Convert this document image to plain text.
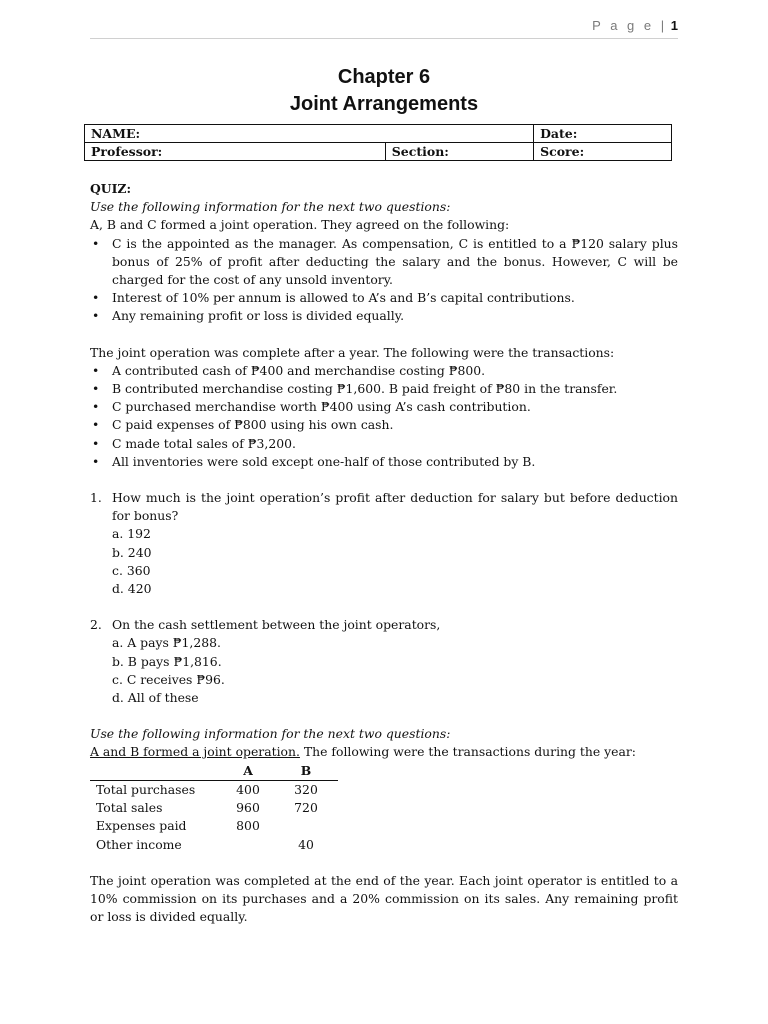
P a g e | 1
Chapter 6
Joint Arrangements
NAME:		Date:
Professor:	Section:	Score:
QUIZ:
Use the following information for the next two questions:
A, B and C formed a joint operation. They agreed on the following:
• C is the appointed as the manager. As compensation, C is entitled to a ₱120 salary plus bonus of 25% of profit after deducting the salary and the bonus. However, C will be charged for the cost of any unsold inventory.
• Interest of 10% per annum is allowed to A’s and B’s capital contributions.
• Any remaining profit or loss is divided equally.
The joint operation was complete after a year. The following were the transactions:
• A contributed cash of ₱400 and merchandise costing ₱800.
• B contributed merchandise costing ₱1,600. B paid freight of ₱80 in the transfer.
• C purchased merchandise worth ₱400 using A’s cash contribution.
• C paid expenses of ₱800 using his own cash.
• C made total sales of ₱3,200.
• All inventories were sold except one-half of those contributed by B.
1. How much is the joint operation’s profit after deduction for salary but before deduction for bonus?
a. 192
b. 240
c. 360
d. 420
2. On the cash settlement between the joint operators,
a. A pays ₱1,288.
b. B pays ₱1,816.
c. C receives ₱96.
d. All of these
Use the following information for the next two questions:
A and B formed a joint operation. The following were the transactions during the year:
	A	B
Total purchases	400	320
Total sales	960	720
Expenses paid	800	
Other income		40
The joint operation was completed at the end of the year. Each joint operator is entitled to a 10% commission on its purchases and a 20% commission on its sales. Any remaining profit or loss is divided equally.
